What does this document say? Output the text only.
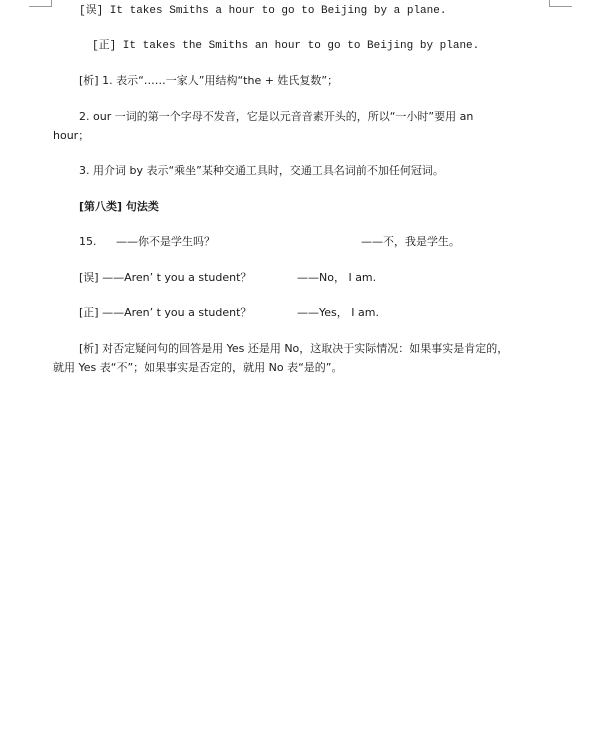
[误] It takes Smiths a hour to go to Beijing by a plane.
[正] It takes the Smiths an hour to go to Beijing by plane.
[析] 1. 表示“……一家人”用结构“the + 姓氏复数”；
2. our 一词的第一个字母不发音，它是以元音音素开头的，所以“一小时”要用 an
hour；
3. 用介词 by 表示“乘坐”某种交通工具时，交通工具名词前不加任何冠词。
[第八类] 句法类
15. ——你不是学生吗？	——不，我是学生。
[误] ——Aren’ t you a student？	——No， I am.
[正] ——Aren’ t you a student？	——Yes， I am.
[析] 对否定疑问句的回答是用 Yes 还是用 No，这取决于实际情况：如果事实是肯定的，
就用 Yes 表“不”；如果事实是否定的，就用 No 表“是的”。
